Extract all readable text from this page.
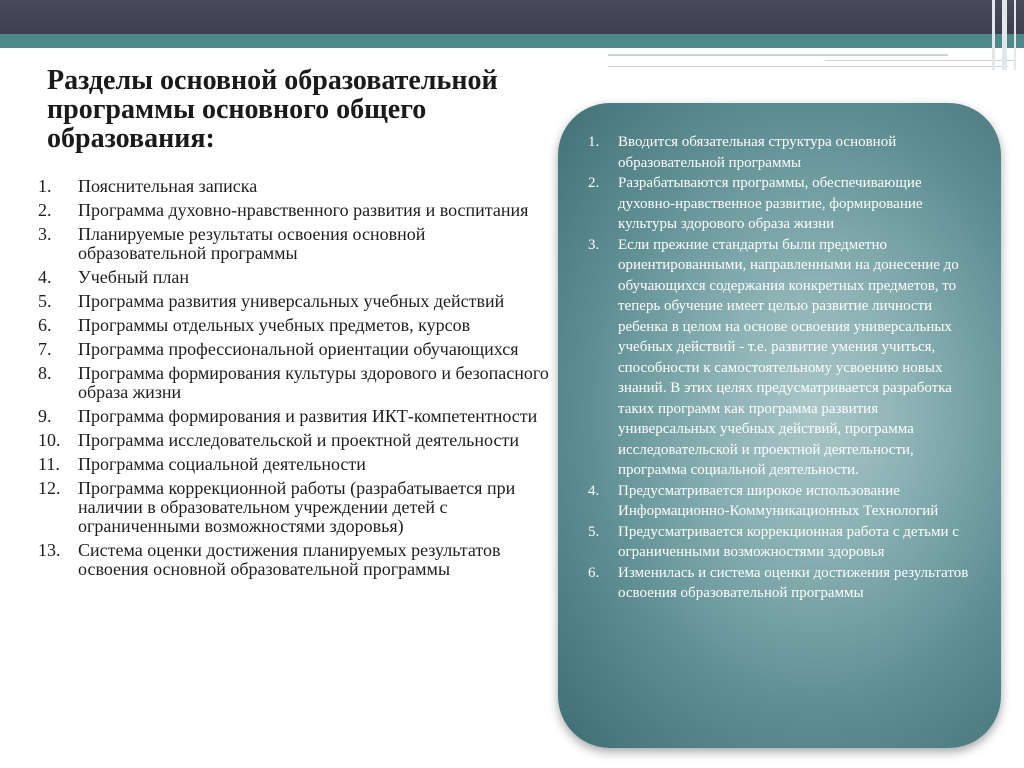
Разделы основной образовательной программы основного общего образования:
1.	Пояснительная записка
2.	Программа духовно-нравственного развития и воспитания
3.	Планируемые результаты освоения основной образовательной программы
4.	Учебный план
5.	Программа развития универсальных учебных действий
6.	Программы отдельных учебных предметов, курсов
7.	Программа профессиональной ориентации обучающихся
8.	Программа формирования культуры здорового и безопасного образа жизни
9.	Программа формирования и развития ИКТ-компетентности
10. Программа исследовательской и проектной деятельности
11.	Программа социальной деятельности
12. Программа коррекционной работы (разрабатывается при наличии в образовательном учреждении детей с ограниченными возможностями здоровья)
13. Система оценки достижения планируемых результатов освоения основной образовательной программы
1.	Вводится обязательная структура основной образовательной программы
2.	Разрабатываются программы, обеспечивающие духовно-нравственное развитие, формирование культуры здорового образа жизни
3.	Если прежние стандарты были предметно ориентированными, направленными на донесение до обучающихся содержания конкретных предметов, то теперь обучение имеет целью развитие личности ребенка в целом на основе освоения универсальных учебных действий - т.е. развитие умения учиться, способности к самостоятельному усвоению новых знаний. В этих целях предусматривается разработка таких программ как программа развития универсальных учебных действий, программа исследовательской и проектной деятельности, программа социальной деятельности.
4.	Предусматривается широкое использование Информационно-Коммуникационных Технологий
5.	Предусматривается коррекционная работа с детьми с ограниченными возможностями здоровья
6.	Изменилась и система оценки достижения результатов освоения образовательной программы
